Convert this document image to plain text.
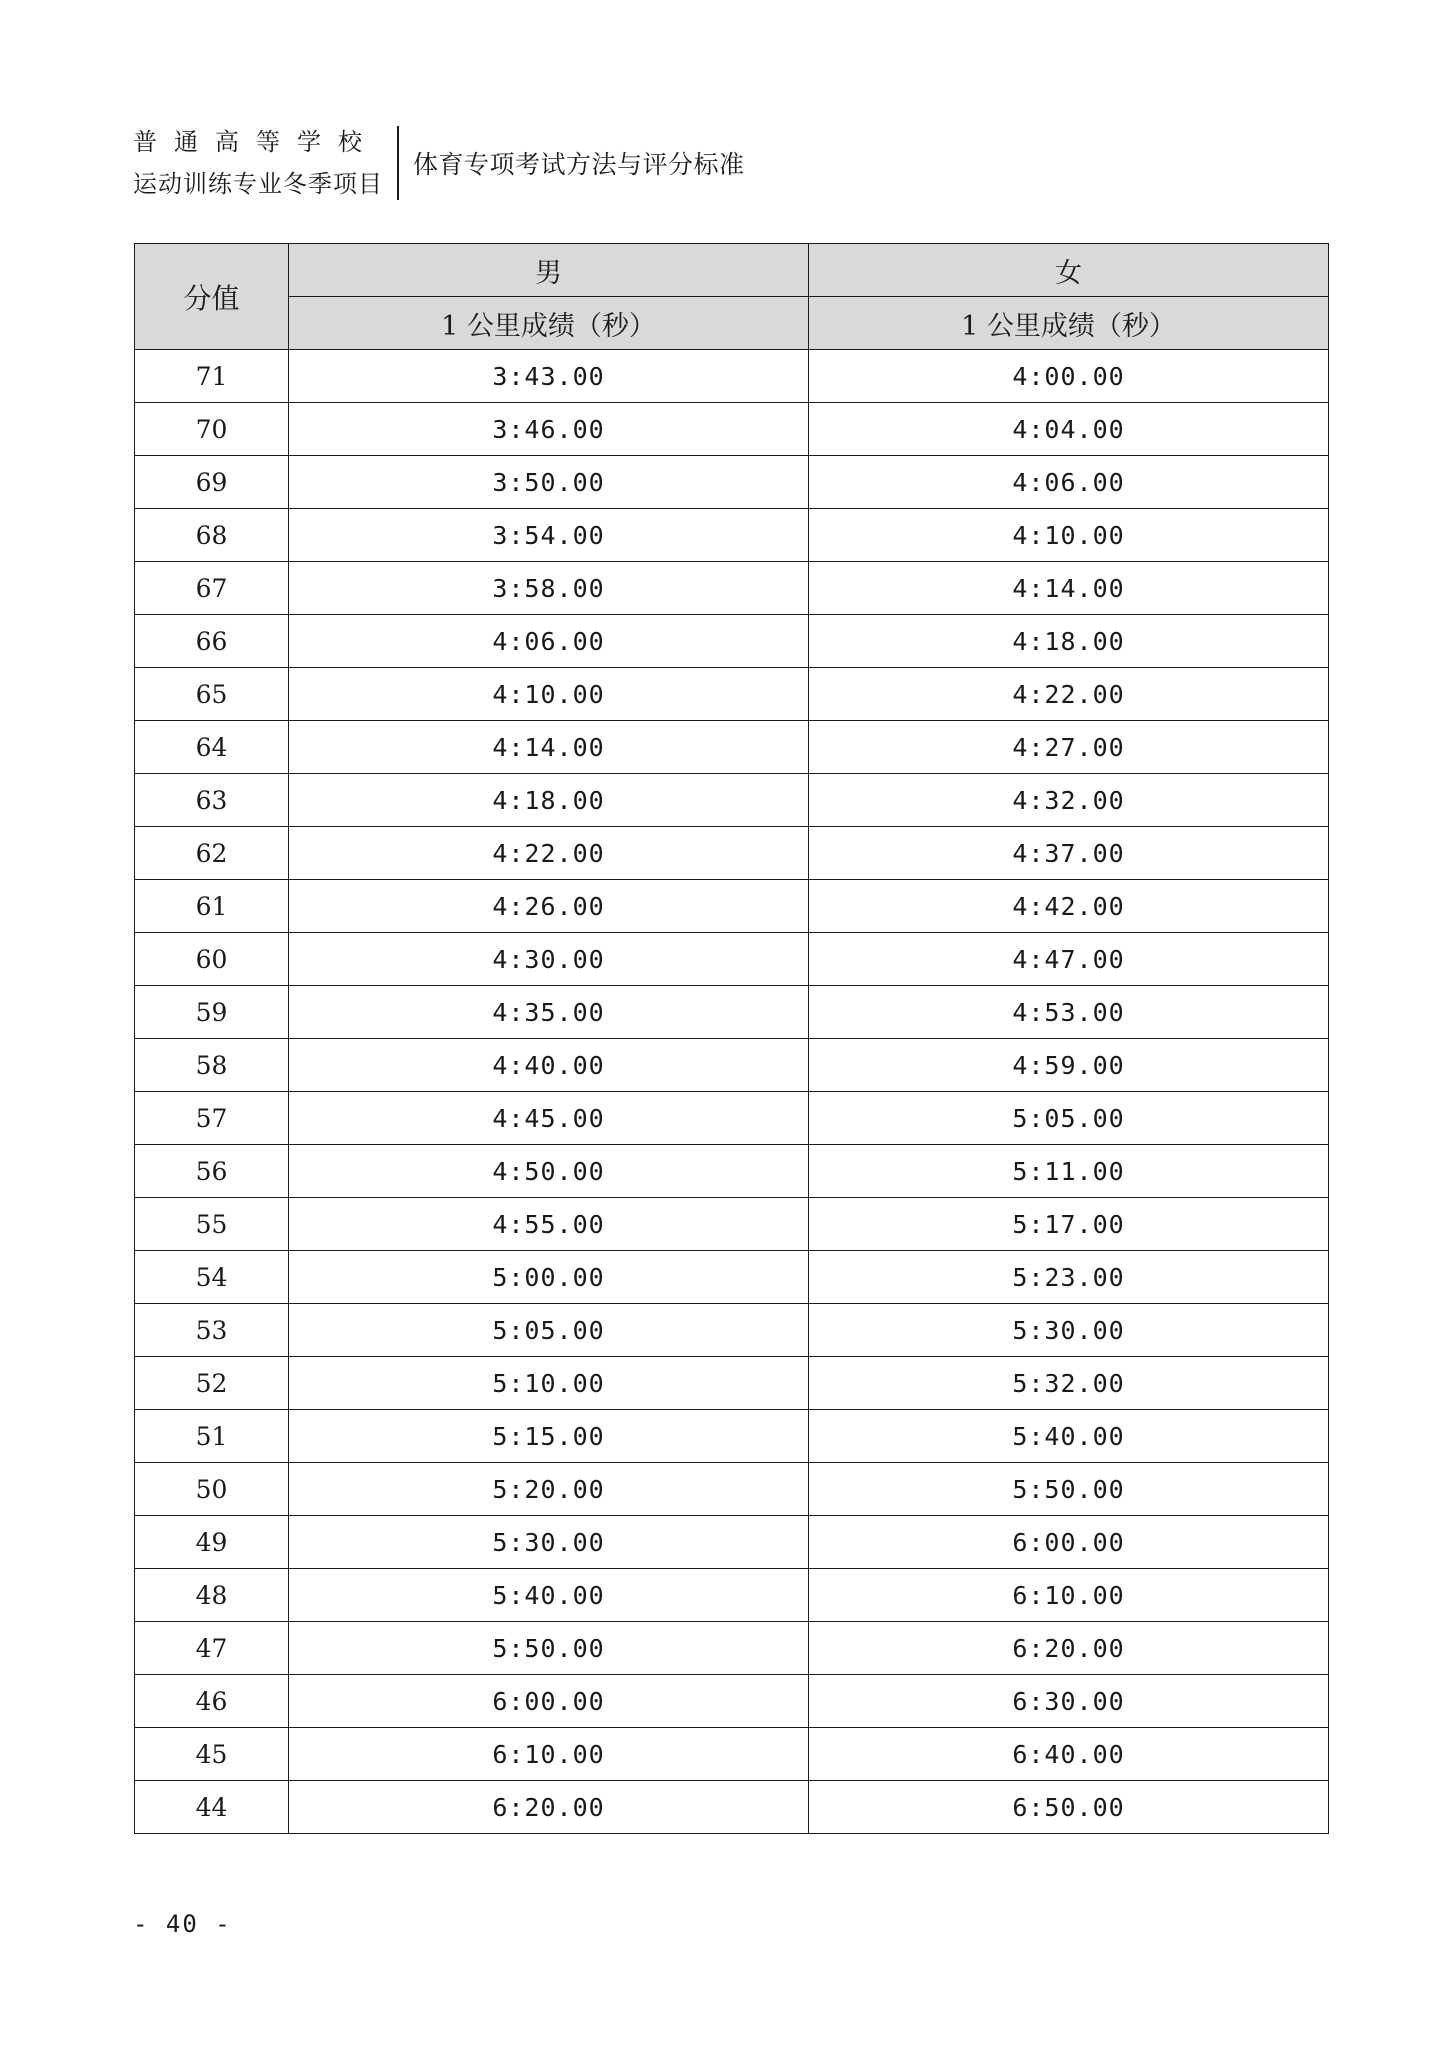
普通高等学校
运动训练专业冬季项目
体育专项考试方法与评分标准
分值	男	女
	1 公里成绩（秒）	1 公里成绩（秒）
71	3:43.00	4:00.00
70	3:46.00	4:04.00
69	3:50.00	4:06.00
68	3:54.00	4:10.00
67	3:58.00	4:14.00
66	4:06.00	4:18.00
65	4:10.00	4:22.00
64	4:14.00	4:27.00
63	4:18.00	4:32.00
62	4:22.00	4:37.00
61	4:26.00	4:42.00
60	4:30.00	4:47.00
59	4:35.00	4:53.00
58	4:40.00	4:59.00
57	4:45.00	5:05.00
56	4:50.00	5:11.00
55	4:55.00	5:17.00
54	5:00.00	5:23.00
53	5:05.00	5:30.00
52	5:10.00	5:32.00
51	5:15.00	5:40.00
50	5:20.00	5:50.00
49	5:30.00	6:00.00
48	5:40.00	6:10.00
47	5:50.00	6:20.00
46	6:00.00	6:30.00
45	6:10.00	6:40.00
44	6:20.00	6:50.00
- 40 -
